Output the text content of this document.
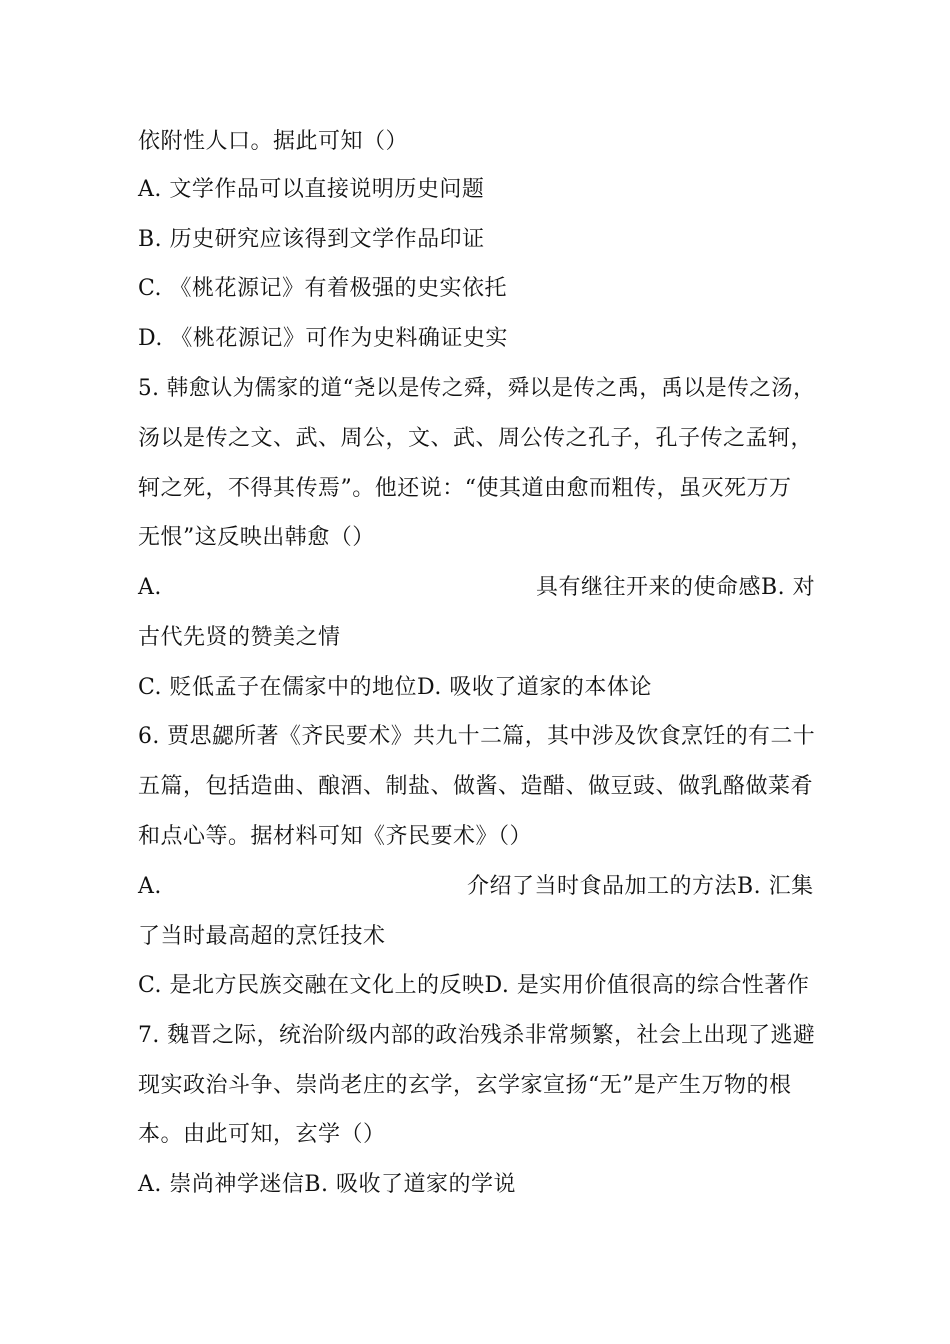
依附性人口。据此可知（）
A. 文学作品可以直接说明历史问题
B. 历史研究应该得到文学作品印证
C. 《桃花源记》有着极强的史实依托
D. 《桃花源记》可作为史料确证史实
5. 韩愈认为儒家的道“尧以是传之舜，舜以是传之禹，禹以是传之汤，
汤以是传之文、武、周公，文、武、周公传之孔子，孔子传之孟轲，
轲之死，不得其传焉”。他还说：“使其道由愈而粗传，虽灭死万万
无恨”这反映出韩愈（）
A.	具有继往开来的使命感B. 对
古代先贤的赞美之情
C. 贬低孟子在儒家中的地位D. 吸收了道家的本体论
6. 贾思勰所著《齐民要术》共九十二篇，其中涉及饮食烹饪的有二十
五篇，包括造曲、酿酒、制盐、做酱、造醋、做豆豉、做乳酪做菜肴
和点心等。据材料可知《齐民要术》（）
A.	介绍了当时食品加工的方法B. 汇集
了当时最高超的烹饪技术
C. 是北方民族交融在文化上的反映D. 是实用价值很高的综合性著作
7. 魏晋之际，统治阶级内部的政治残杀非常频繁，社会上出现了逃避
现实政治斗争、崇尚老庄的玄学，玄学家宣扬“无”是产生万物的根
本。由此可知，玄学（）
A. 崇尚神学迷信B. 吸收了道家的学说
